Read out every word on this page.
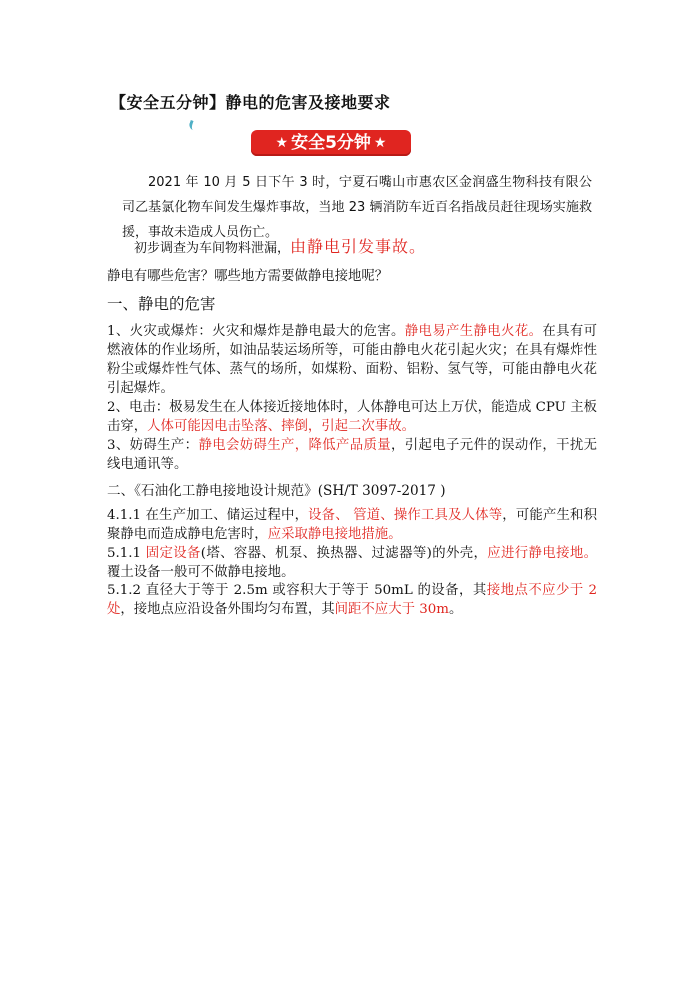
【安全五分钟】静电的危害及接地要求
★ 安全5分钟 ★
2021 年 10 月 5 日下午 3 时，宁夏石嘴山市惠农区金润盛生物科技有限公司乙基氯化物车间发生爆炸事故，当地 23 辆消防车近百名指战员赶往现场实施救援，事故未造成人员伤亡。
初步调查为车间物料泄漏，由静电引发事故。
静电有哪些危害？哪些地方需要做静电接地呢？
一、静电的危害
1、火灾或爆炸：火灾和爆炸是静电最大的危害。静电易产生静电火花。在具有可燃液体的作业场所，如油品装运场所等，可能由静电火花引起火灾；在具有爆炸性粉尘或爆炸性气体、蒸气的场所，如煤粉、面粉、铝粉、氢气等，可能由静电火花引起爆炸。
2、电击：极易发生在人体接近接地体时，人体静电可达上万伏，能造成 CPU 主板击穿，人体可能因电击坠落、摔倒，引起二次事故。
3、妨碍生产：静电会妨碍生产，降低产品质量，引起电子元件的误动作，干扰无线电通讯等。
二、《石油化工静电接地设计规范》(SH/T 3097-2017 )
4.1.1 在生产加工、储运过程中，设备、 管道、操作工具及人体等，可能产生和积聚静电而造成静电危害时，应采取静电接地措施。
5.1.1 固定设备(塔、容器、机泵、换热器、过滤器等)的外壳，应进行静电接地。覆土设备一般可不做静电接地。
5.1.2 直径大于等于 2.5m 或容积大于等于 50mL 的设备，其接地点不应少于 2 处，接地点应沿设备外围均匀布置，其间距不应大于 30m。
